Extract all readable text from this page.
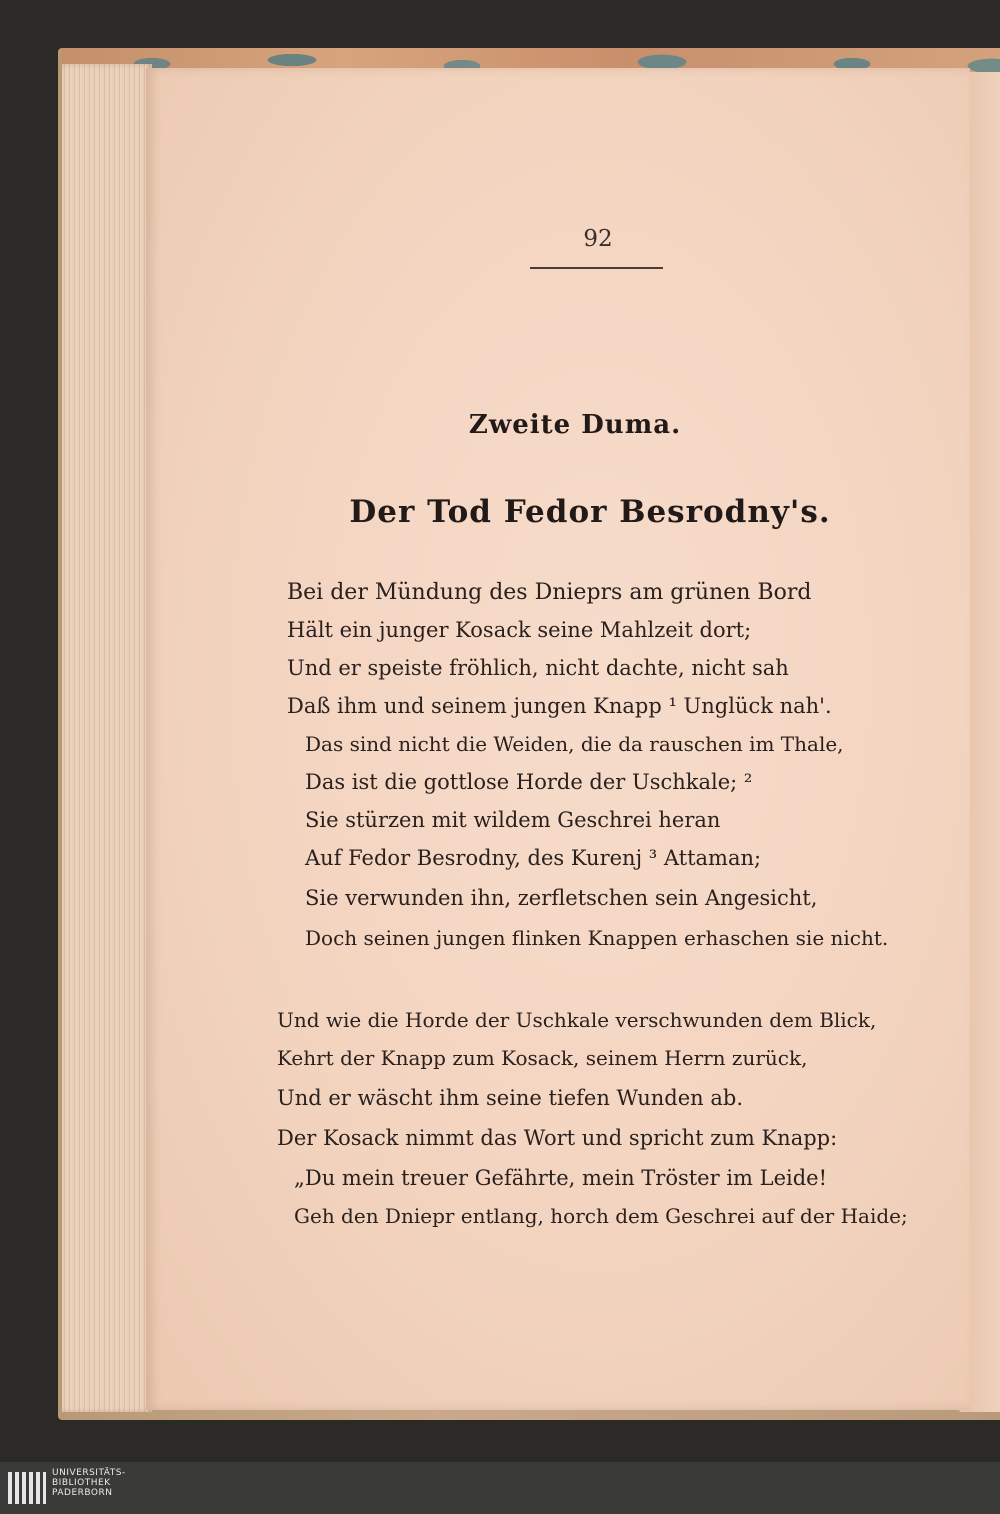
92
Zweite Duma.
Der Tod Fedor Besrodny's.
Bei der Mündung des Dnieprs am grünen Bord
Hält ein junger Kosack seine Mahlzeit dort;
Und er speiste fröhlich, nicht dachte, nicht sah
Daß ihm und seinem jungen Knapp ¹ Unglück nah'.
Das sind nicht die Weiden, die da rauschen im Thale,
Das ist die gottlose Horde der Uschkale; ²
Sie stürzen mit wildem Geschrei heran
Auf Fedor Besrodny, des Kurenj ³ Attaman;
Sie verwunden ihn, zerfletschen sein Angesicht,
Doch seinen jungen flinken Knappen erhaschen sie nicht.
Und wie die Horde der Uschkale verschwunden dem Blick,
Kehrt der Knapp zum Kosack, seinem Herrn zurück,
Und er wäscht ihm seine tiefen Wunden ab.
Der Kosack nimmt das Wort und spricht zum Knapp:
„Du mein treuer Gefährte, mein Tröster im Leide!
Geh den Dniepr entlang, horch dem Geschrei auf der Haide;
UNIVERSITÄTS-
BIBLIOTHEK
PADERBORN
